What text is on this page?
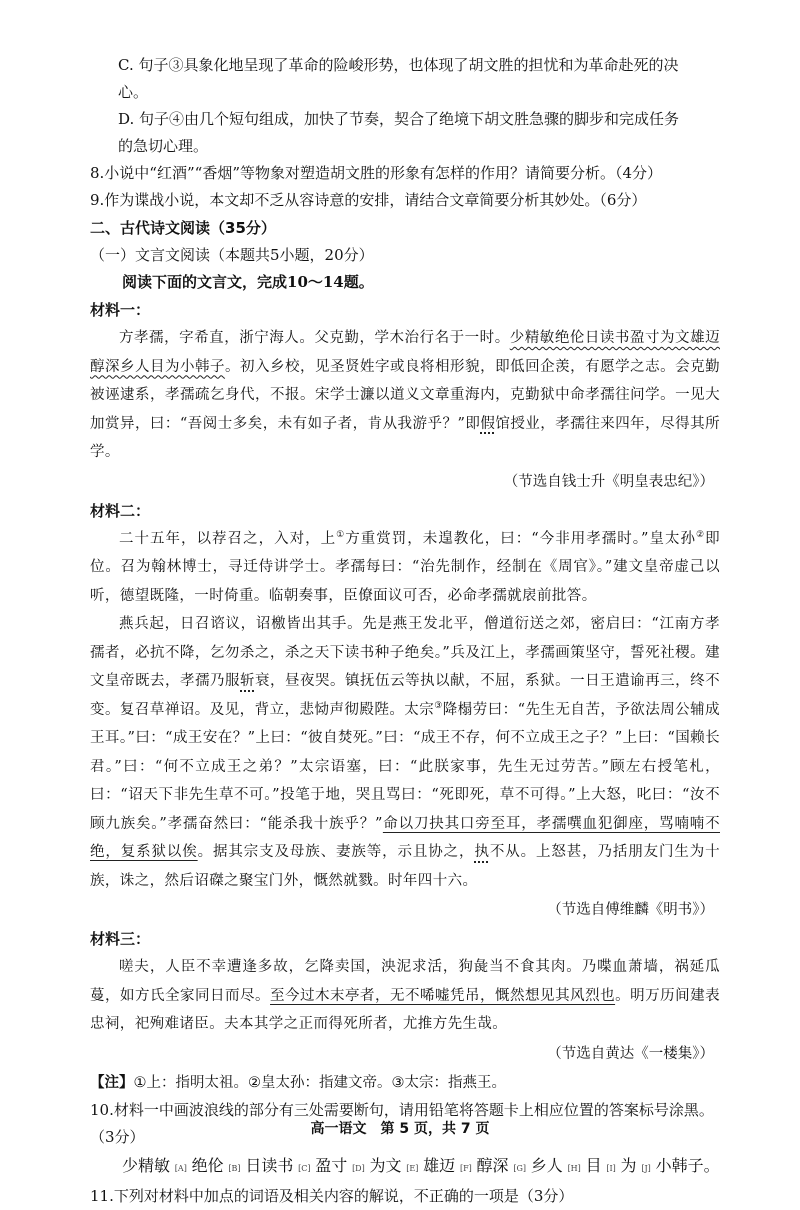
C. 句子③具象化地呈现了革命的险峻形势，也体现了胡文胜的担忧和为革命赴死的决

心。

D. 句子④由几个短句组成，加快了节奏，契合了绝境下胡文胜急骤的脚步和完成任务

的急切心理。

8.小说中“红酒”“香烟”等物象对塑造胡文胜的形象有怎样的作用？请简要分析。（4分）

9.作为谍战小说，本文却不乏从容诗意的安排，请结合文章简要分析其妙处。（6分）

二、古代诗文阅读（35分）

（一）文言文阅读（本题共5小题，20分）

阅读下面的文言文，完成10～14题。

材料一：

方孝孺，字希直，浙宁海人。父克勤，学木治行名于一时。少精敏绝伦日读书盈寸为文雄迈醇深乡人目为小韩子。初入乡校，见圣贤姓字或良将相形貌，即低回企羡，有愿学之志。会克勤被诬逮系，孝孺疏乞身代，不报。宋学士濂以道义文章重海内，克勤狱中命孝孺往问学。一见大加赏异，曰：“吾阅士多矣，未有如子者，肯从我游乎？”即假馆授业，孝孺往来四年，尽得其所学。

（节选自钱士升《明皇表忠纪》）

材料二：

二十五年，以荐召之，入对，上①方重赏罚，未遑教化，曰：“今非用孝孺时。”皇太孙②即位。召为翰林博士，寻迁侍讲学士。孝孺每曰：“治先制作，经制在《周官》。”建文皇帝虚己以听，德望既隆，一时倚重。临朝奏事，臣僚面议可否，必命孝孺就扆前批答。

燕兵起，日召谘议，诏檄皆出其手。先是燕王发北平，僧道衍送之郊，密启曰：“江南方孝孺者，必抗不降，乞勿杀之，杀之天下读书种子绝矣。”兵及江上，孝孺画策坚守，誓死社稷。建文皇帝既去，孝孺乃服斩衰，昼夜哭。镇抚伍云等执以献，不屈，系狱。一日王遣谕再三，终不变。复召草禅诏。及见，背立，悲恸声彻殿陛。太宗③降榻劳曰：“先生无自苦，予欲法周公辅成王耳。”曰：“成王安在？”上曰：“彼自焚死。”曰：“成王不存，何不立成王之子？”上曰：“国赖长君。”曰：“何不立成王之弟？”太宗语塞，曰：“此朕家事，先生无过劳苦。”顾左右授笔札，曰：“诏天下非先生草不可。”投笔于地，哭且骂曰：“死即死，草不可得。”上大怒，叱曰：“汝不顾九族矣。”孝孺奋然曰：“能杀我十族乎？”命以刀抉其口旁至耳，孝孺噀血犯御座，骂喃喃不绝，复系狱以俟。据其宗支及母族、妻族等，示且协之，执不从。上怒甚，乃括朋友门生为十族，诛之，然后诏磔之聚宝门外，慨然就戮。时年四十六。

（节选自傅维麟《明书》）

材料三：

嗟夫，人臣不幸遭逢多故，乞降卖国，泱泥求活，狗彘当不食其肉。乃喋血萧墙，祸延瓜蔓，如方氏全家同日而尽。至今过木末亭者，无不唏嘘凭吊，慨然想见其风烈也。明万历间建表忠祠，祀殉难诸臣。夫本其学之正而得死所者，尤推方先生哉。

（节选自黄达《一楼集》）

【注】①上：指明太祖。②皇太孙：指建文帝。③太宗：指燕王。

10.材料一中画波浪线的部分有三处需要断句，请用铅笔将答题卡上相应位置的答案标号涂黑。（3分）

少精敏 [A] 绝伦 [B] 日读书 [C] 盈寸 [D] 为文 [E] 雄迈 [F] 醇深 [G] 乡人 [H] 目 [I] 为 [J] 小韩子。

11.下列对材料中加点的词语及相关内容的解说，不正确的一项是（3分）

高一语文　第 5 页，共 7 页
